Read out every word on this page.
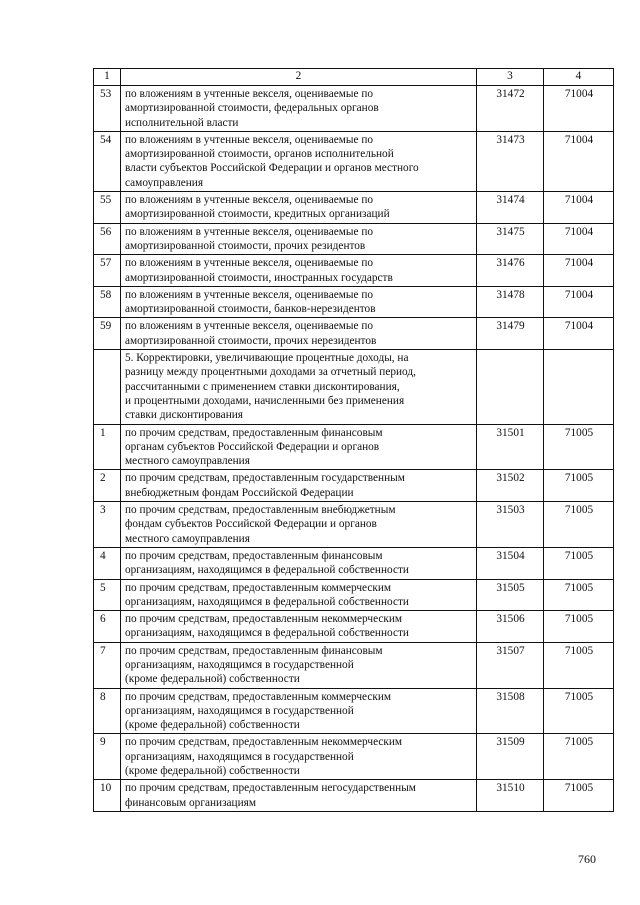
1	2	3	4
53	по вложениям в учтенные векселя, оцениваемые по
амортизированной стоимости, федеральных органов
исполнительной власти	31472	71004
54	по вложениям в учтенные векселя, оцениваемые по
амортизированной стоимости, органов исполнительной
власти субъектов Российской Федерации и органов местного
самоуправления	31473	71004
55	по вложениям в учтенные векселя, оцениваемые по
амортизированной стоимости, кредитных организаций	31474	71004
56	по вложениям в учтенные векселя, оцениваемые по
амортизированной стоимости, прочих резидентов	31475	71004
57	по вложениям в учтенные векселя, оцениваемые по
амортизированной стоимости, иностранных государств	31476	71004
58	по вложениям в учтенные векселя, оцениваемые по
амортизированной стоимости, банков-нерезидентов	31478	71004
59	по вложениям в учтенные векселя, оцениваемые по
амортизированной стоимости, прочих нерезидентов	31479	71004
	5. Корректировки, увеличивающие процентные доходы, на
разницу между процентными доходами за отчетный период,
рассчитанными с применением ставки дисконтирования,
и процентными доходами, начисленными без применения
ставки дисконтирования		
1	по прочим средствам, предоставленным финансовым
органам субъектов Российской Федерации и органов
местного самоуправления	31501	71005
2	по прочим средствам, предоставленным государственным
внебюджетным фондам Российской Федерации	31502	71005
3	по прочим средствам, предоставленным внебюджетным
фондам субъектов Российской Федерации и органов
местного самоуправления	31503	71005
4	по прочим средствам, предоставленным финансовым
организациям, находящимся в федеральной собственности	31504	71005
5	по прочим средствам, предоставленным коммерческим
организациям, находящимся в федеральной собственности	31505	71005
6	по прочим средствам, предоставленным некоммерческим
организациям, находящимся в федеральной собственности	31506	71005
7	по прочим средствам, предоставленным финансовым
организациям, находящимся в государственной
(кроме федеральной) собственности	31507	71005
8	по прочим средствам, предоставленным коммерческим
организациям, находящимся в государственной
(кроме федеральной) собственности	31508	71005
9	по прочим средствам, предоставленным некоммерческим
организациям, находящимся в государственной
(кроме федеральной) собственности	31509	71005
10	по прочим средствам, предоставленным негосударственным
финансовым организациям	31510	71005
760
